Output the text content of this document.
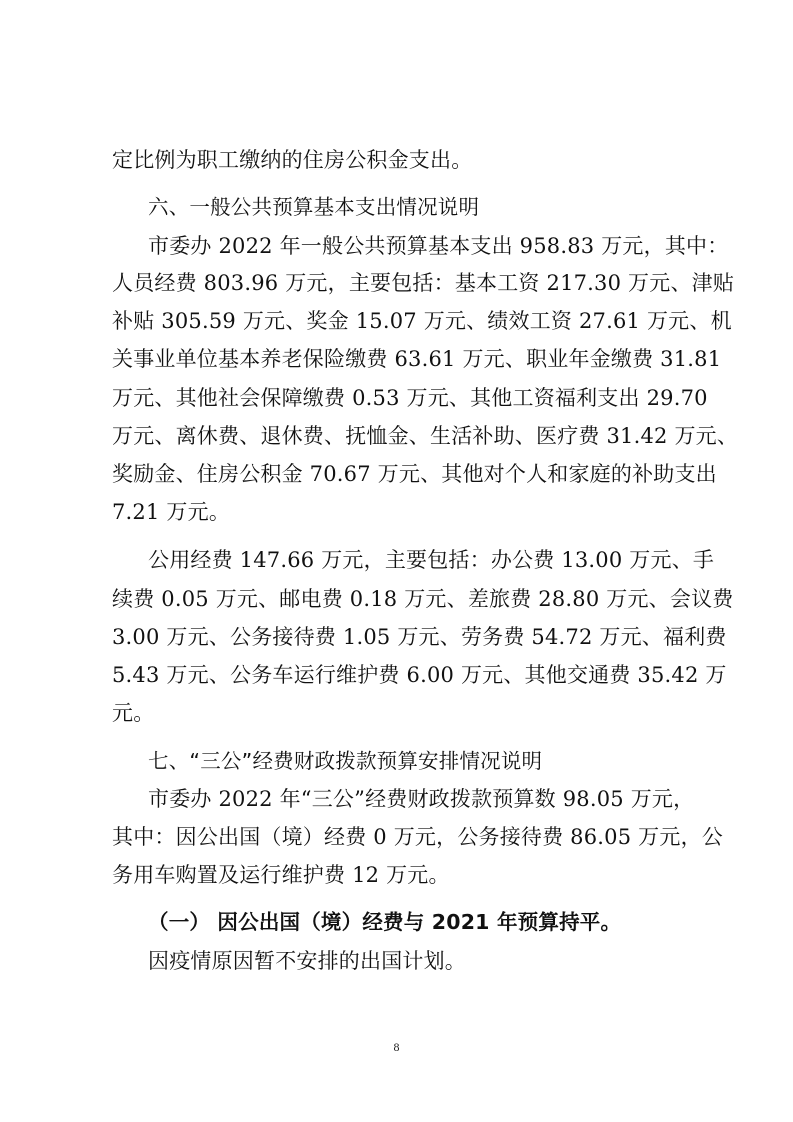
定比例为职工缴纳的住房公积金支出。
六、一般公共预算基本支出情况说明
市委办 2022 年一般公共预算基本支出 958.83 万元，其中：
人员经费 803.96 万元，主要包括：基本工资 217.30 万元、津贴
补贴 305.59 万元、奖金 15.07 万元、绩效工资 27.61 万元、机
关事业单位基本养老保险缴费 63.61 万元、职业年金缴费 31.81
万元、其他社会保障缴费 0.53 万元、其他工资福利支出 29.70
万元、离休费、退休费、抚恤金、生活补助、医疗费 31.42 万元、
奖励金、住房公积金 70.67 万元、其他对个人和家庭的补助支出
7.21 万元。
公用经费 147.66 万元，主要包括：办公费 13.00 万元、手
续费 0.05 万元、邮电费 0.18 万元、差旅费 28.80 万元、会议费
3.00 万元、公务接待费 1.05 万元、劳务费 54.72 万元、福利费
5.43 万元、公务车运行维护费 6.00 万元、其他交通费 35.42 万
元。
七、“三公”经费财政拨款预算安排情况说明
市委办 2022 年“三公”经费财政拨款预算数 98.05 万元，
其中：因公出国（境）经费 0 万元，公务接待费 86.05 万元，公
务用车购置及运行维护费 12 万元。
（一） 因公出国（境）经费与 2021 年预算持平。
因疫情原因暂不安排的出国计划。
8
